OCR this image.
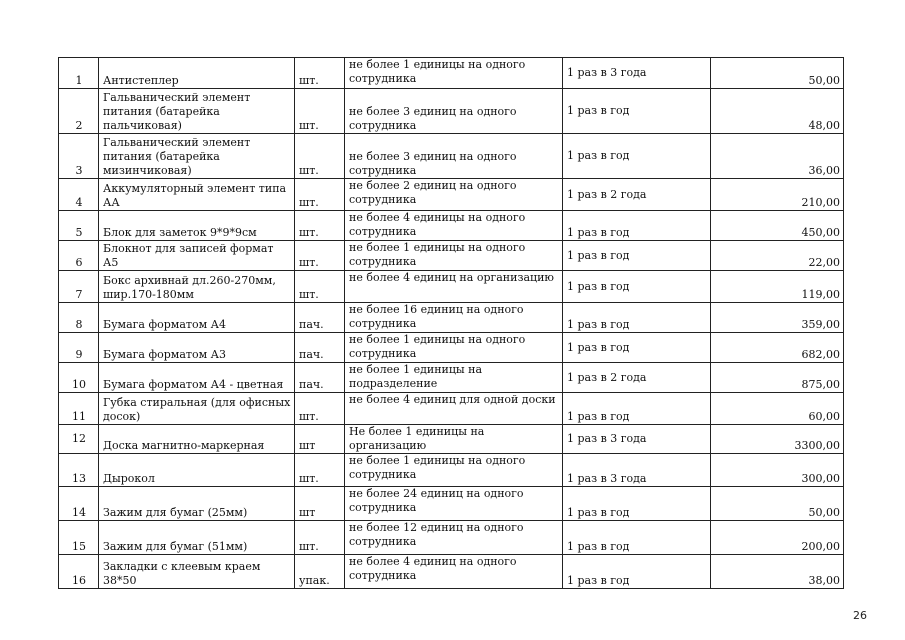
1	Антистеплер	шт.	не более 1 единицы на одного сотрудника	1 раз в 3 года	50,00
2	Гальванический элемент питания (батарейка пальчиковая)	шт.	не более 3 единиц на одного сотрудника	1 раз в год	48,00
3	Гальванический элемент питания (батарейка мизинчиковая)	шт.	не более 3 единиц на одного сотрудника	1 раз в год	36,00
4	Аккумуляторный элемент типа АА	шт.	не более 2 единиц на одного сотрудника	1 раз в 2 года	210,00
5	Блок для заметок 9*9*9см	шт.	не более 4 единицы на одного сотрудника	1 раз в год	450,00
6	Блокнот для записей формат А5	шт.	не более 1 единицы на одного сотрудника	1 раз в год	22,00
7	Бокс архивнай дл.260-270мм, шир.170-180мм	шт.	не более 4 единиц на организацию	1 раз в год	119,00
8	Бумага форматом А4	пач.	не более 16 единиц на одного сотрудника	1 раз в год	359,00
9	Бумага форматом А3	пач.	не более 1 единицы на одного сотрудника	1 раз в год	682,00
10	Бумага форматом А4 - цветная	пач.	не более 1 единицы на подразделение	1 раз в 2 года	875,00
11	Губка стиральная (для офисных досок)	шт.	не более 4 единиц для одной доски	1 раз в год	60,00
12	Доска магнитно-маркерная	шт	Не более 1 единицы на организацию	1 раз в 3 года	3300,00
13	Дырокол	шт.	не более 1 единицы на одного сотрудника	1 раз в 3 года	300,00
14	Зажим для бумаг (25мм)	шт	не более 24 единиц на одного сотрудника	1 раз в год	50,00
15	Зажим для бумаг (51мм)	шт.	не более 12 единиц на одного сотрудника	1 раз в год	200,00
16	Закладки с клеевым краем 38*50	упак.	не более 4 единиц на одного сотрудника	1 раз в год	38,00
26
